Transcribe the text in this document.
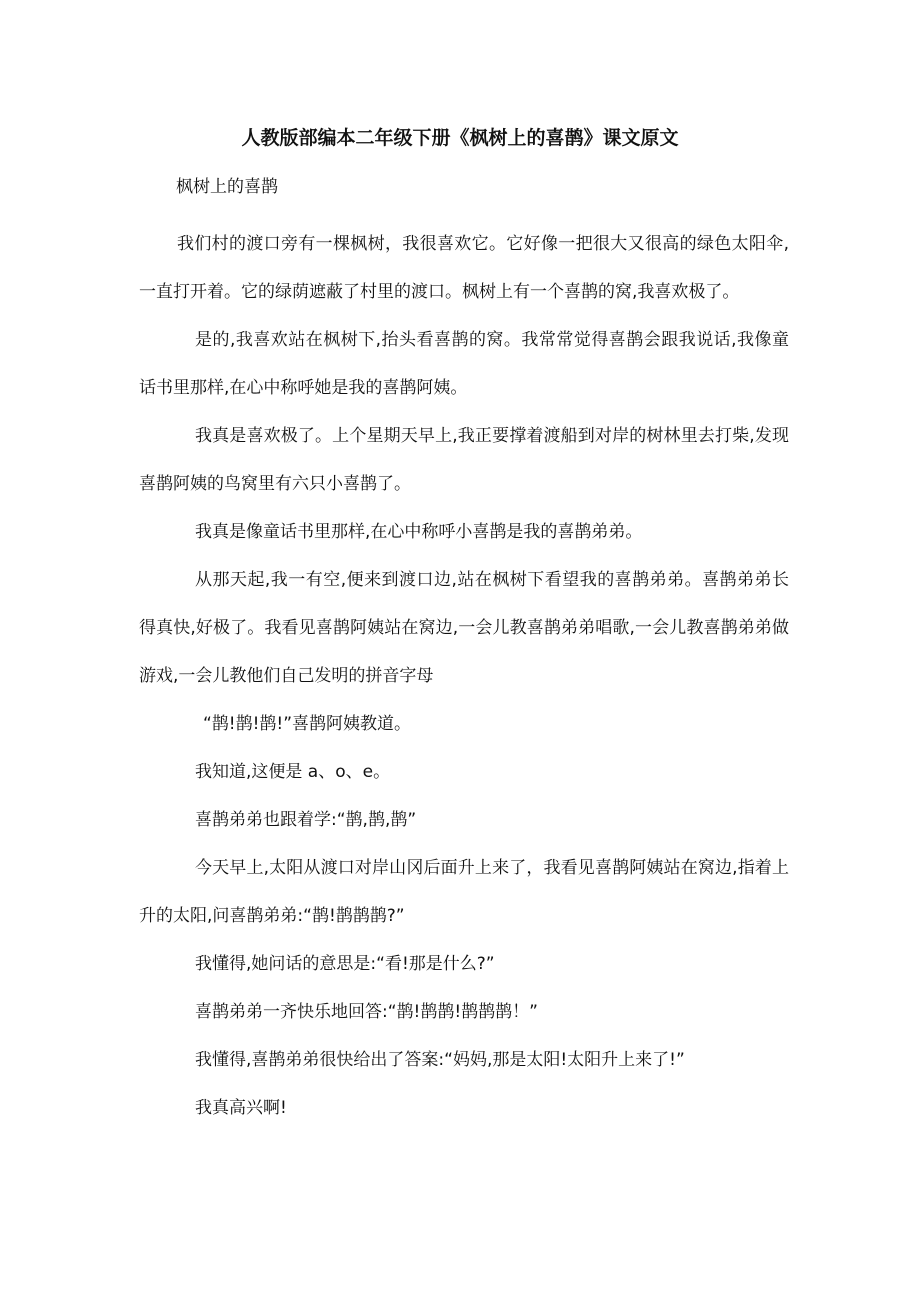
人教版部编本二年级下册《枫树上的喜鹊》课文原文
枫树上的喜鹊

我们村的渡口旁有一棵枫树，我很喜欢它。它好像一把很大又很高的绿色太阳伞,一直打开着。它的绿荫遮蔽了村里的渡口。枫树上有一个喜鹊的窝,我喜欢极了。

是的,我喜欢站在枫树下,抬头看喜鹊的窝。我常常觉得喜鹊会跟我说话,我像童话书里那样,在心中称呼她是我的喜鹊阿姨。

我真是喜欢极了。上个星期天早上,我正要撑着渡船到对岸的树林里去打柴,发现喜鹊阿姨的鸟窝里有六只小喜鹊了。

我真是像童话书里那样,在心中称呼小喜鹊是我的喜鹊弟弟。

从那天起,我一有空,便来到渡口边,站在枫树下看望我的喜鹊弟弟。喜鹊弟弟长得真快,好极了。我看见喜鹊阿姨站在窝边,一会儿教喜鹊弟弟唱歌,一会儿教喜鹊弟弟做游戏,一会儿教他们自己发明的拼音字母

“鹊!鹊!鹊!”喜鹊阿姨教道。

我知道,这便是 a、o、e。

喜鹊弟弟也跟着学:“鹊,鹊,鹊”

今天早上,太阳从渡口对岸山冈后面升上来了，我看见喜鹊阿姨站在窝边,指着上升的太阳,问喜鹊弟弟:“鹊!鹊鹊鹊?”

我懂得,她问话的意思是:“看!那是什么?”

喜鹊弟弟一齐快乐地回答:“鹊!鹊鹊!鹊鹊鹊！”

我懂得,喜鹊弟弟很快给出了答案:“妈妈,那是太阳!太阳升上来了!”

我真高兴啊!
